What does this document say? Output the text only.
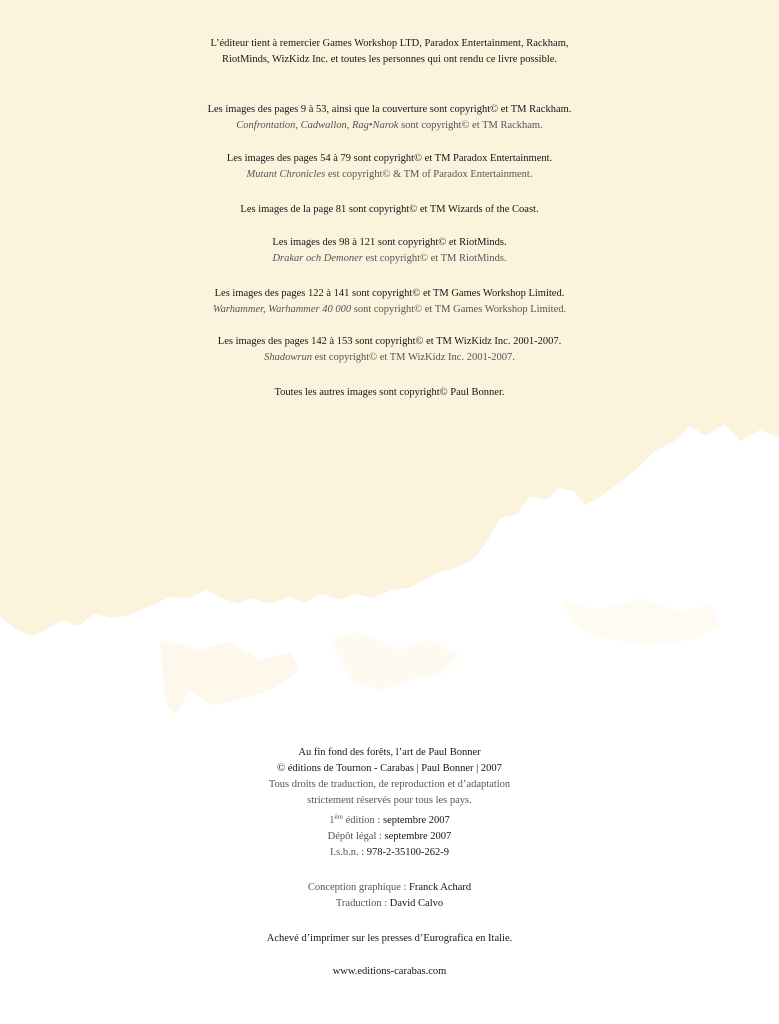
L’éditeur tient à remercier Games Workshop LTD, Paradox Entertainment, Rackham,
RiotMinds, WizKidz Inc. et toutes les personnes qui ont rendu ce livre possible.
Les images des pages 9 à 53, ainsi que la couverture sont copyright© et TM Rackham.
Confrontation, Cadwallon, Rag•Narok sont copyright© et TM Rackham.
Les images des pages 54 à 79 sont copyright© et TM Paradox Entertainment.
Mutant Chronicles est copyright© & TM of Paradox Entertainment.
Les images de la page 81 sont copyright© et TM Wizards of the Coast.
Les images des 98 à 121 sont copyright© et RiotMinds.
Drakar och Demoner est copyright© et TM RiotMinds.
Les images des pages 122 à 141 sont copyright© et TM Games Workshop Limited.
Warhammer, Warhammer 40 000 sont copyright© et TM Games Workshop Limited.
Les images des pages 142 à 153 sont copyright© et TM WizKidz Inc. 2001-2007.
Shadowrun est copyright© et TM WizKidz Inc. 2001-2007.
Toutes les autres images sont copyright© Paul Bonner.
Au fin fond des forêts, l’art de Paul Bonner
© éditions de Tournon - Carabas | Paul Bonner | 2007
Tous droits de traduction, de reproduction et d’adaptation
strictement réservés pour tous les pays.
1ère édition : septembre 2007
Dépôt légal : septembre 2007
I.s.b.n. : 978-2-35100-262-9
Conception graphique : Franck Achard
Traduction : David Calvo
Achevé d’imprimer sur les presses d’Eurografica en Italie.
www.editions-carabas.com
